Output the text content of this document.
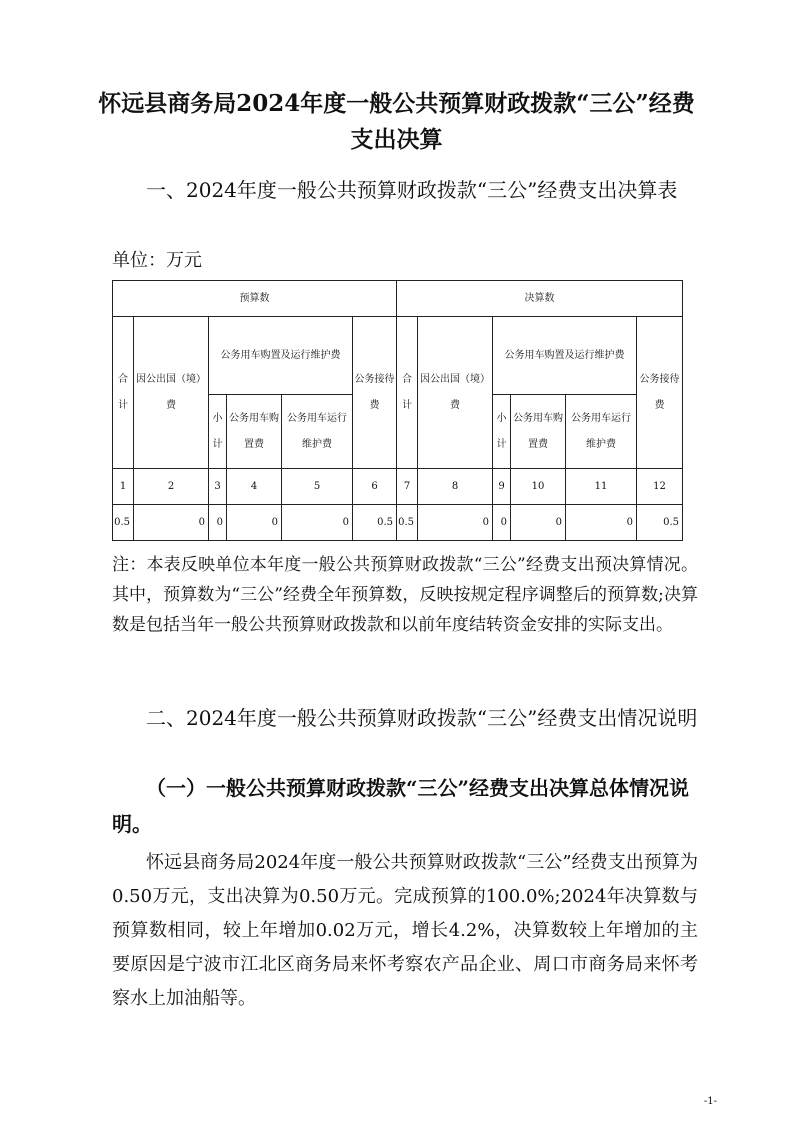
怀远县商务局2024年度一般公共预算财政拨款“三公”经费支出决算
一、2024年度一般公共预算财政拨款“三公”经费支出决算表
单位：万元
预算数						决算数					
合计	因公出国（境）费	公务用车购置及运行维护费			公务接待费	合计	因公出国（境）费	公务用车购置及运行维护费			公务接待费
		小计	公务用车购置费	公务用车运行维护费				小计	公务用车购置费	公务用车运行维护费	
1	2	3	4	5	6	7	8	9	10	11	12
0.5	0	0	0	0	0.5	0.5	0	0	0	0	0.5
注：本表反映单位本年度一般公共预算财政拨款“三公”经费支出预决算情况。其中，预算数为“三公”经费全年预算数，反映按规定程序调整后的预算数;决算数是包括当年一般公共预算财政拨款和以前年度结转资金安排的实际支出。
二、2024年度一般公共预算财政拨款“三公”经费支出情况说明
（一）一般公共预算财政拨款“三公”经费支出决算总体情况说明。
怀远县商务局2024年度一般公共预算财政拨款“三公”经费支出预算为0.50万元，支出决算为0.50万元。完成预算的100.0%;2024年决算数与预算数相同，较上年增加0.02万元，增长4.2%，决算数较上年增加的主要原因是宁波市江北区商务局来怀考察农产品企业、周口市商务局来怀考察水上加油船等。
-1-
